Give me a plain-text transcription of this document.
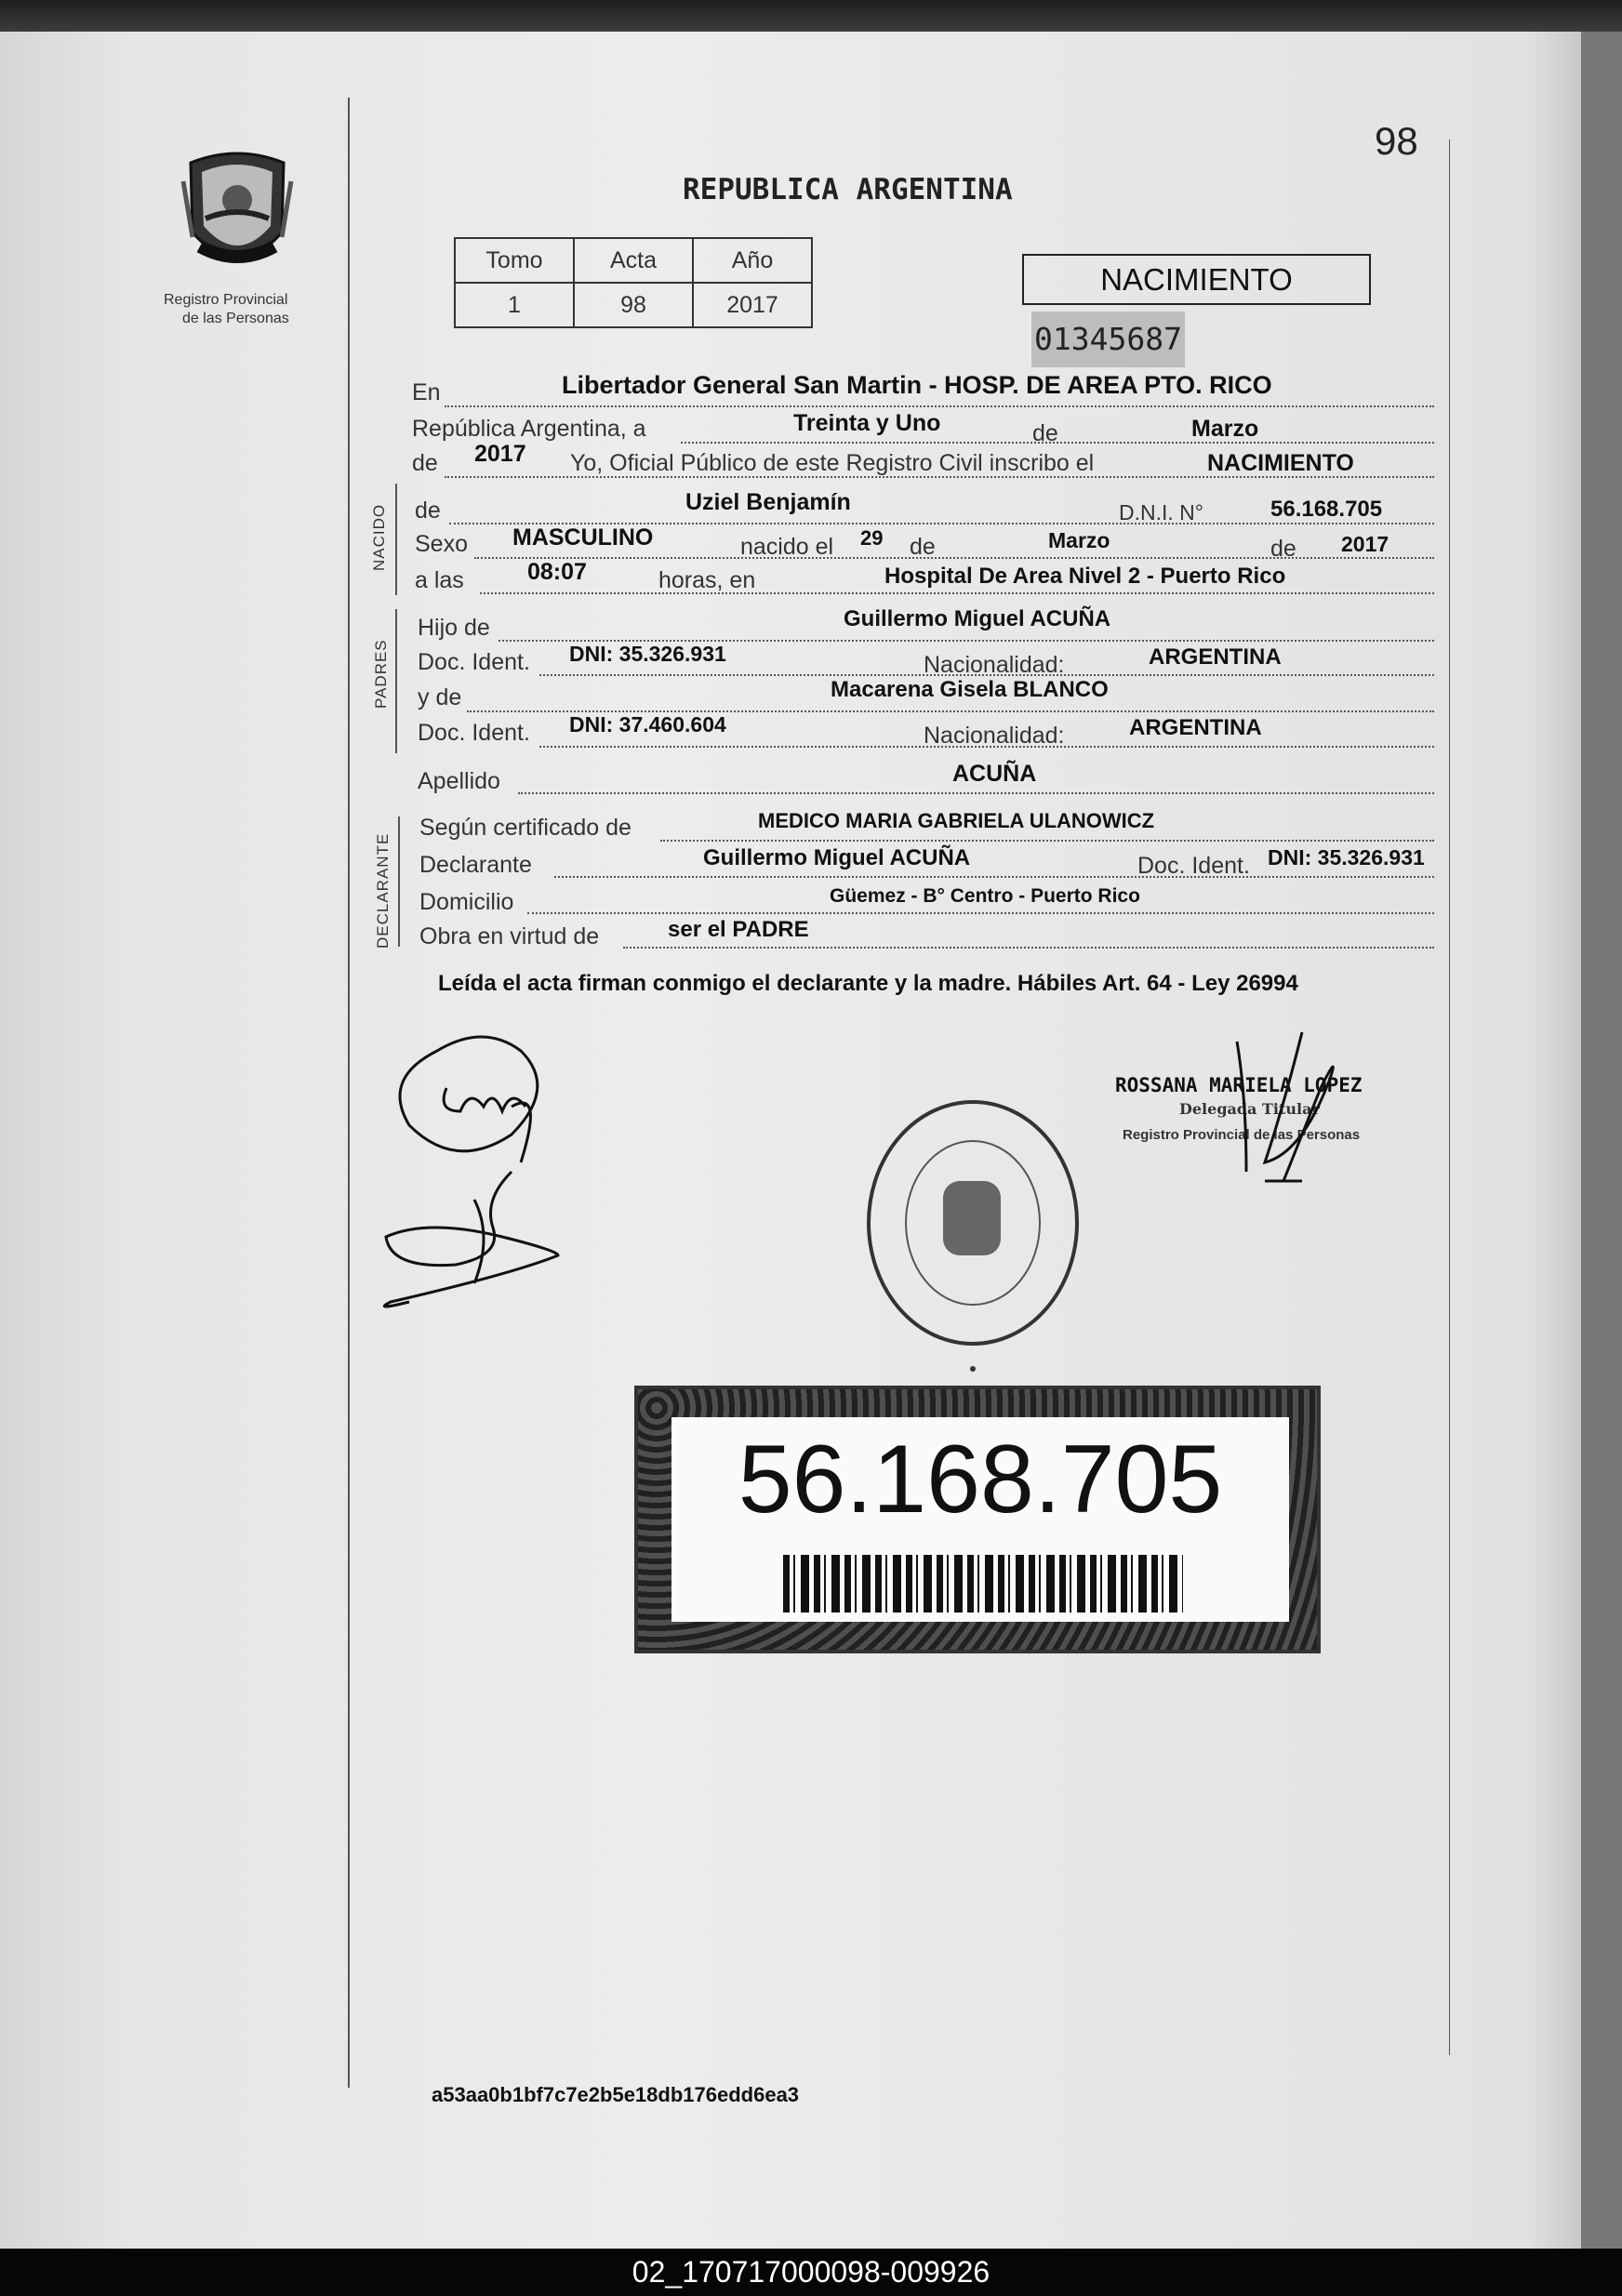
Registro Provincial
de las Personas
98
REPUBLICA ARGENTINA
Tomo	Acta	Año
1	98	2017
NACIMIENTO
01345687
En	Libertador General San Martin - HOSP. DE AREA PTO. RICO
República Argentina, a	Treinta y Uno	de	Marzo
de 2017 Yo, Oficial Público de este Registro Civil inscribo el	NACIMIENTO
NACIDO de	Uziel Benjamín	D.N.I. N°	56.168.705
Sexo MASCULINO	nacido el 29 de	Marzo	de 2017
a las	08:07	horas, en	Hospital De Area Nivel 2 - Puerto Rico
PADRES
Hijo de	Guillermo Miguel ACUÑA
Doc. Ident. DNI: 35.326.931	Nacionalidad:	ARGENTINA
y de	Macarena Gisela BLANCO
Doc. Ident. DNI: 37.460.604	Nacionalidad:	ARGENTINA
Apellido	ACUÑA
DECLARANTE
Según certificado de	MEDICO MARIA GABRIELA ULANOWICZ
Declarante	Guillermo Miguel ACUÑA	Doc. Ident. DNI: 35.326.931
Domicilio	Güemez - B° Centro - Puerto Rico
Obra en virtud de	ser el PADRE
Leída el acta firman conmigo el declarante y la madre. Hábiles Art. 64 - Ley 26994
ROSSANA MARIELA LOPEZ
Delegada Titular
Registro Provincial de las Personas
56.168.705
a53aa0b1bf7c7e2b5e18db176edd6ea3
02_170717000098-009926
